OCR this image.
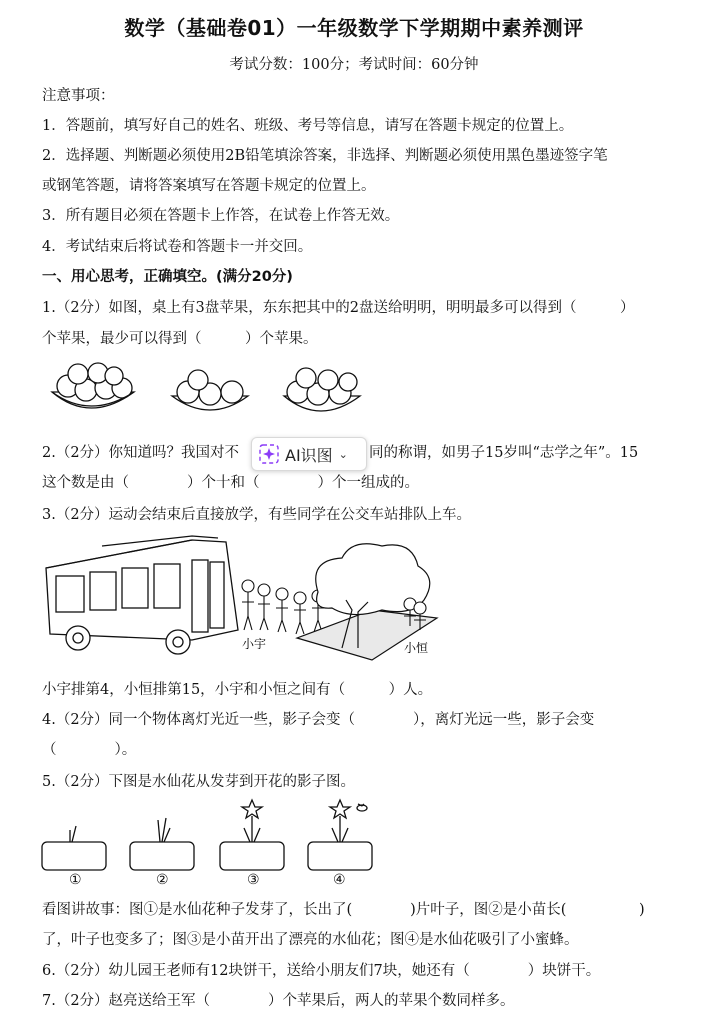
数学（基础卷01）一年级数学下学期期中素养测评
考试分数：100分；考试时间：60分钟
注意事项：
1．答题前，填写好自己的姓名、班级、考号等信息，请写在答题卡规定的位置上。
2．选择题、判断题必须使用2B铅笔填涂答案，非选择、判断题必须使用黑色墨迹签字笔
或钢笔答题，请将答案填写在答题卡规定的位置上。
3．所有题目必须在答题卡上作答，在试卷上作答无效。
4．考试结束后将试卷和答题卡一并交回。
一、用心思考，正确填空。(满分20分)
1.（2分）如图，桌上有3盘苹果，东东把其中的2盘送给明明，明明最多可以得到（　　　）
个苹果，最少可以得到（　　　）个苹果。
2.（2分）你知道吗？我国对不	同的称谓，如男子15岁叫“志学之年”。15
这个数是由（　　　　）个十和（　　　　）个一组成的。
AI识图 ⌄
3.（2分）运动会结束后直接放学，有些同学在公交车站排队上车。
小宇	小恒
小宇排第4，小恒排第15，小宇和小恒之间有（　　　）人。
4.（2分）同一个物体离灯光近一些，影子会变（　　　　），离灯光远一些，影子会变
（　　　　）。
5.（2分）下图是水仙花从发芽到开花的影子图。
①	②	③	④
看图讲故事：图①是水仙花种子发芽了，长出了(　　　　)片叶子，图②是小苗长(　　　　　)
了，叶子也变多了；图③是小苗开出了漂亮的水仙花；图④是水仙花吸引了小蜜蜂。
6.（2分）幼儿园王老师有12块饼干，送给小朋友们7块，她还有（　　　　）块饼干。
7.（2分）赵亮送给王军（　　　　）个苹果后，两人的苹果个数同样多。
